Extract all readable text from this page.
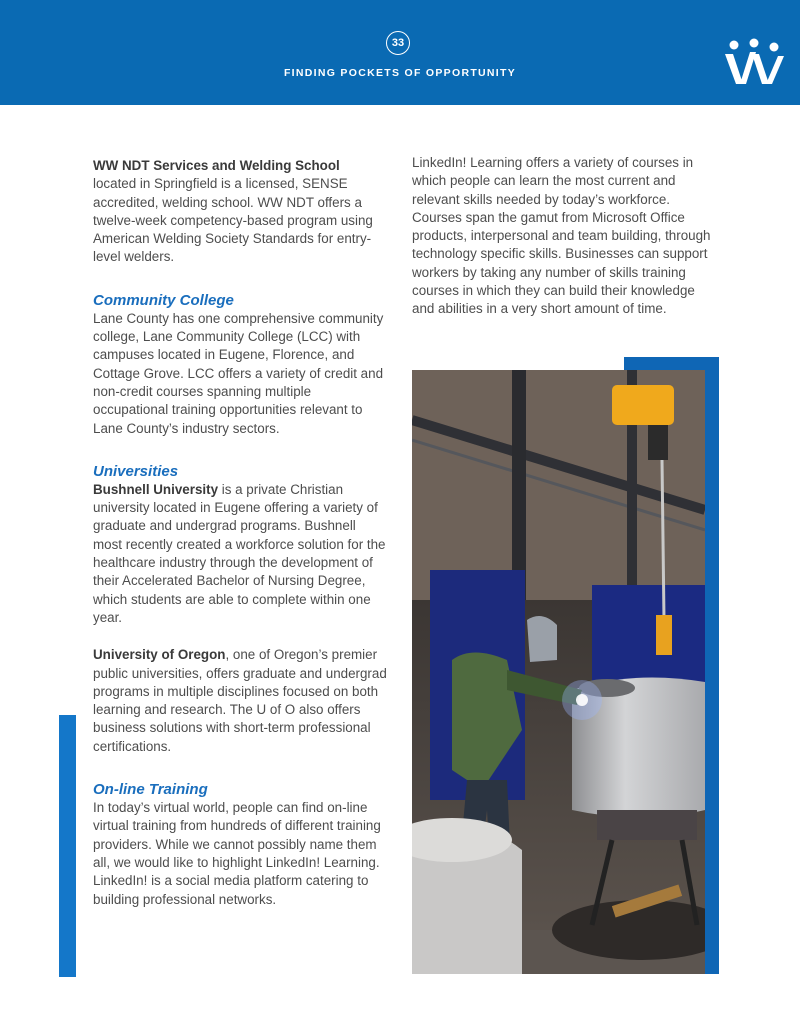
33
FINDING POCKETS OF OPPORTUNITY

WW NDT Services and Welding School
located in Springfield is a licensed, SENSE accredited, welding school. WW NDT offers a twelve-week competency-based program using American Welding Society Standards for entry-level welders.

Community College

Lane County has one comprehensive community college, Lane Community College (LCC) with campuses located in Eugene, Florence, and Cottage Grove. LCC offers a variety of credit and non-credit courses spanning multiple occupational training opportunities relevant to Lane County’s industry sectors.

Universities

Bushnell University is a private Christian university located in Eugene offering a variety of graduate and undergrad programs. Bushnell most recently created a workforce solution for the healthcare industry through the development of their Accelerated Bachelor of Nursing Degree, which students are able to complete within one year.

University of Oregon, one of Oregon’s premier public universities, offers graduate and undergrad programs in multiple disciplines focused on both learning and research. The U of O also offers business solutions with short-term professional certifications.

On-line Training

In today’s virtual world, people can find on-line virtual training from hundreds of different training providers. While we cannot possibly name them all, we would like to highlight LinkedIn! Learning. LinkedIn! is a social media platform catering to building professional networks.

LinkedIn! Learning offers a variety of courses in which people can learn the most current and relevant skills needed by today’s workforce. Courses span the gamut from Microsoft Office products, interpersonal and team building, through technology specific skills. Businesses can support workers by taking any number of skills training courses in which they can build their knowledge and abilities in a very short amount of time.
